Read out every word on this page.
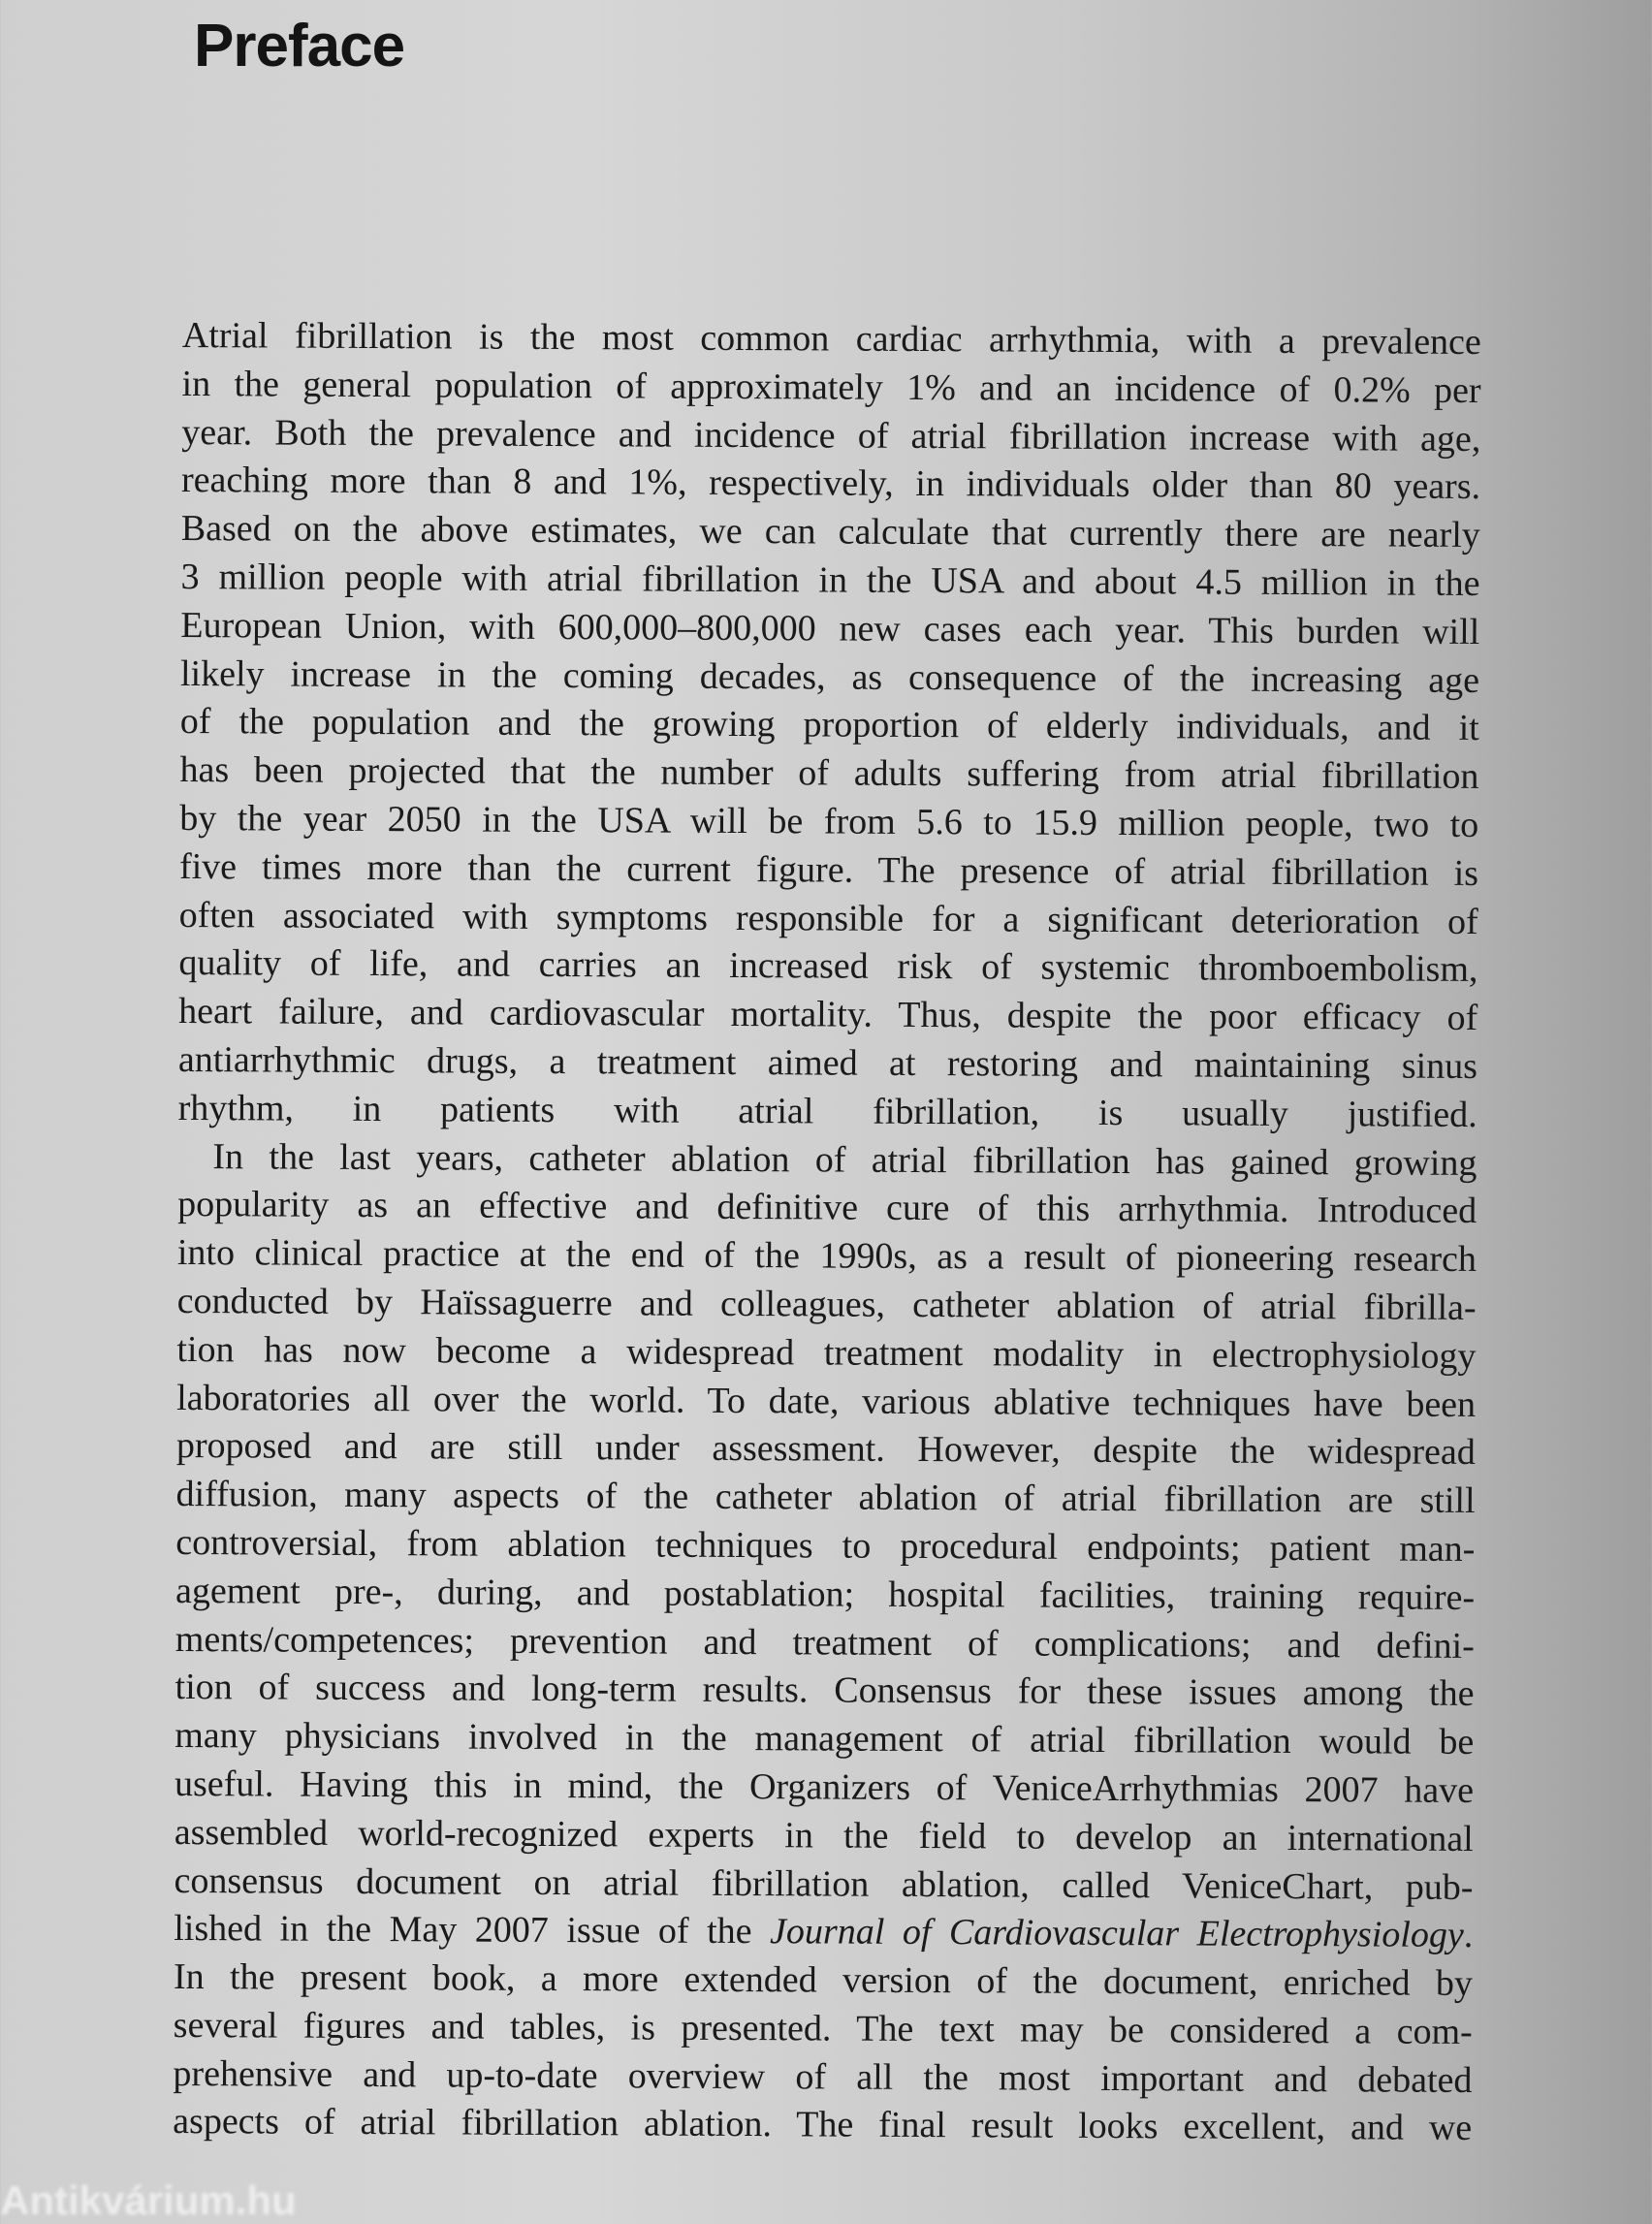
Preface
Atrial fibrillation is the most common cardiac arrhythmia, with a prevalence
in the general population of approximately 1% and an incidence of 0.2% per
year. Both the prevalence and incidence of atrial fibrillation increase with age,
reaching more than 8 and 1%, respectively, in individuals older than 80 years.
Based on the above estimates, we can calculate that currently there are nearly
3 million people with atrial fibrillation in the USA and about 4.5 million in the
European Union, with 600,000–800,000 new cases each year. This burden will
likely increase in the coming decades, as consequence of the increasing age
of the population and the growing proportion of elderly individuals, and it
has been projected that the number of adults suffering from atrial fibrillation
by the year 2050 in the USA will be from 5.6 to 15.9 million people, two to
five times more than the current figure. The presence of atrial fibrillation is
often associated with symptoms responsible for a significant deterioration of
quality of life, and carries an increased risk of systemic thromboembolism,
heart failure, and cardiovascular mortality. Thus, despite the poor efficacy of
antiarrhythmic drugs, a treatment aimed at restoring and maintaining sinus
rhythm, in patients with atrial fibrillation, is usually justified.
In the last years, catheter ablation of atrial fibrillation has gained growing
popularity as an effective and definitive cure of this arrhythmia. Introduced
into clinical practice at the end of the 1990s, as a result of pioneering research
conducted by Haïssaguerre and colleagues, catheter ablation of atrial fibrilla-
tion has now become a widespread treatment modality in electrophysiology
laboratories all over the world. To date, various ablative techniques have been
proposed and are still under assessment. However, despite the widespread
diffusion, many aspects of the catheter ablation of atrial fibrillation are still
controversial, from ablation techniques to procedural endpoints; patient man-
agement pre-, during, and postablation; hospital facilities, training require-
ments/competences; prevention and treatment of complications; and defini-
tion of success and long-term results. Consensus for these issues among the
many physicians involved in the management of atrial fibrillation would be
useful. Having this in mind, the Organizers of VeniceArrhythmias 2007 have
assembled world-recognized experts in the field to develop an international
consensus document on atrial fibrillation ablation, called VeniceChart, pub-
lished in the May 2007 issue of the Journal of Cardiovascular Electrophysiology.
In the present book, a more extended version of the document, enriched by
several figures and tables, is presented. The text may be considered a com-
prehensive and up-to-date overview of all the most important and debated
aspects of atrial fibrillation ablation. The final result looks excellent, and we
Antikvárium.hu
